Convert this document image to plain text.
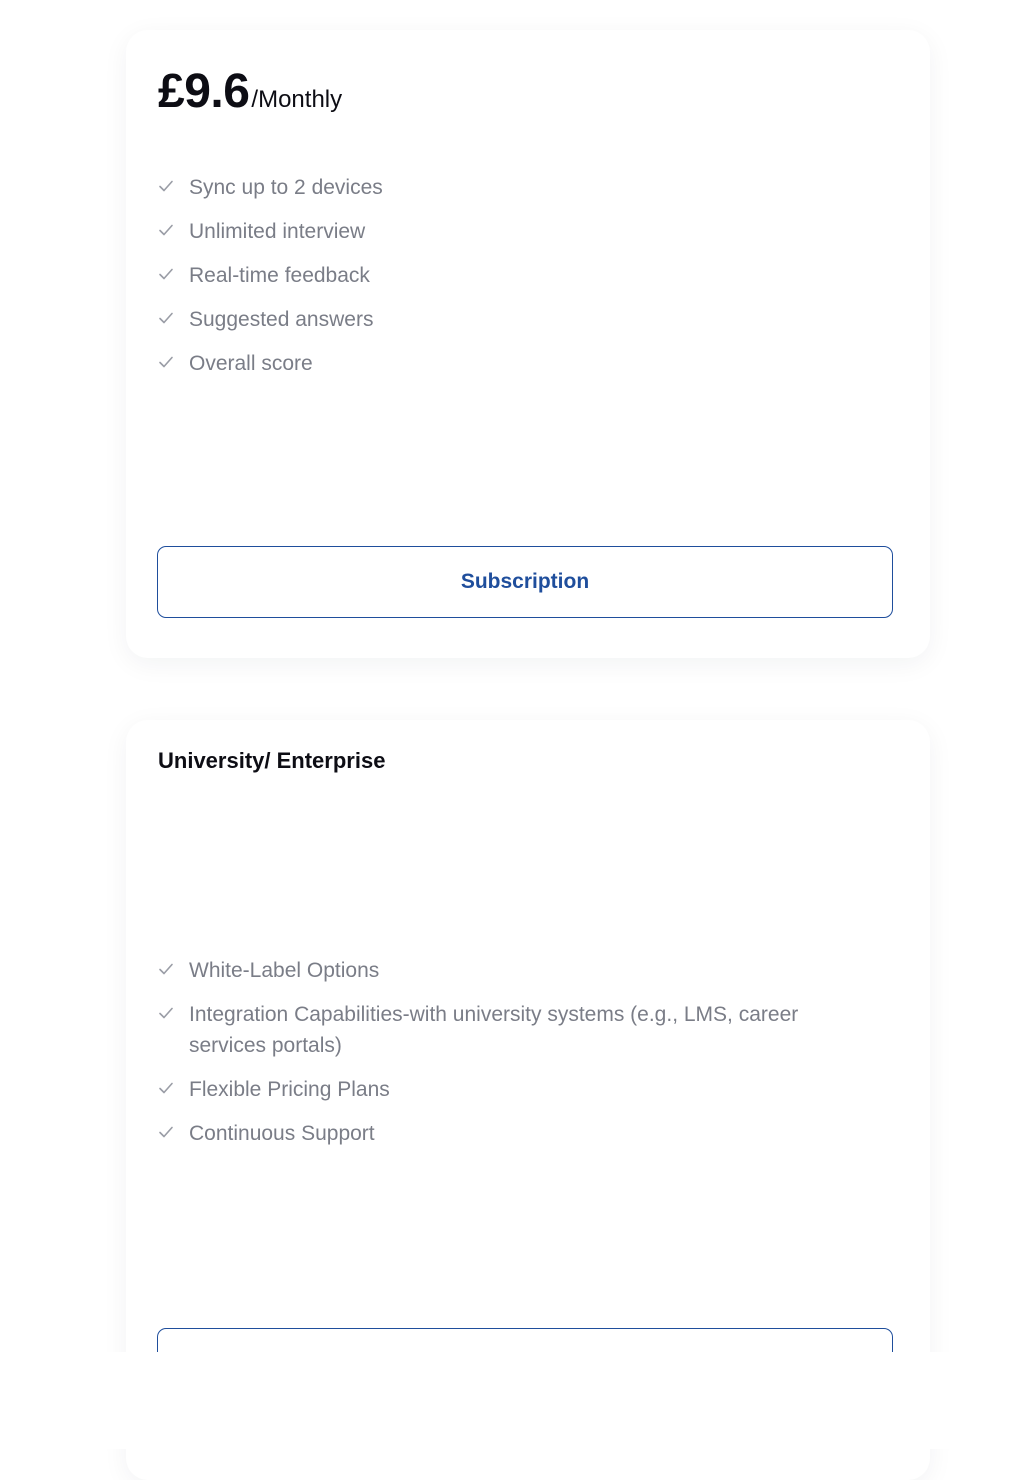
£9.6 /Monthly
Sync up to 2 devices
Unlimited interview
Real-time feedback
Suggested answers
Overall score
Subscription
University/ Enterprise
White-Label Options
Integration Capabilities-with university systems (e.g., LMS, career services portals)
Flexible Pricing Plans
Continuous Support
